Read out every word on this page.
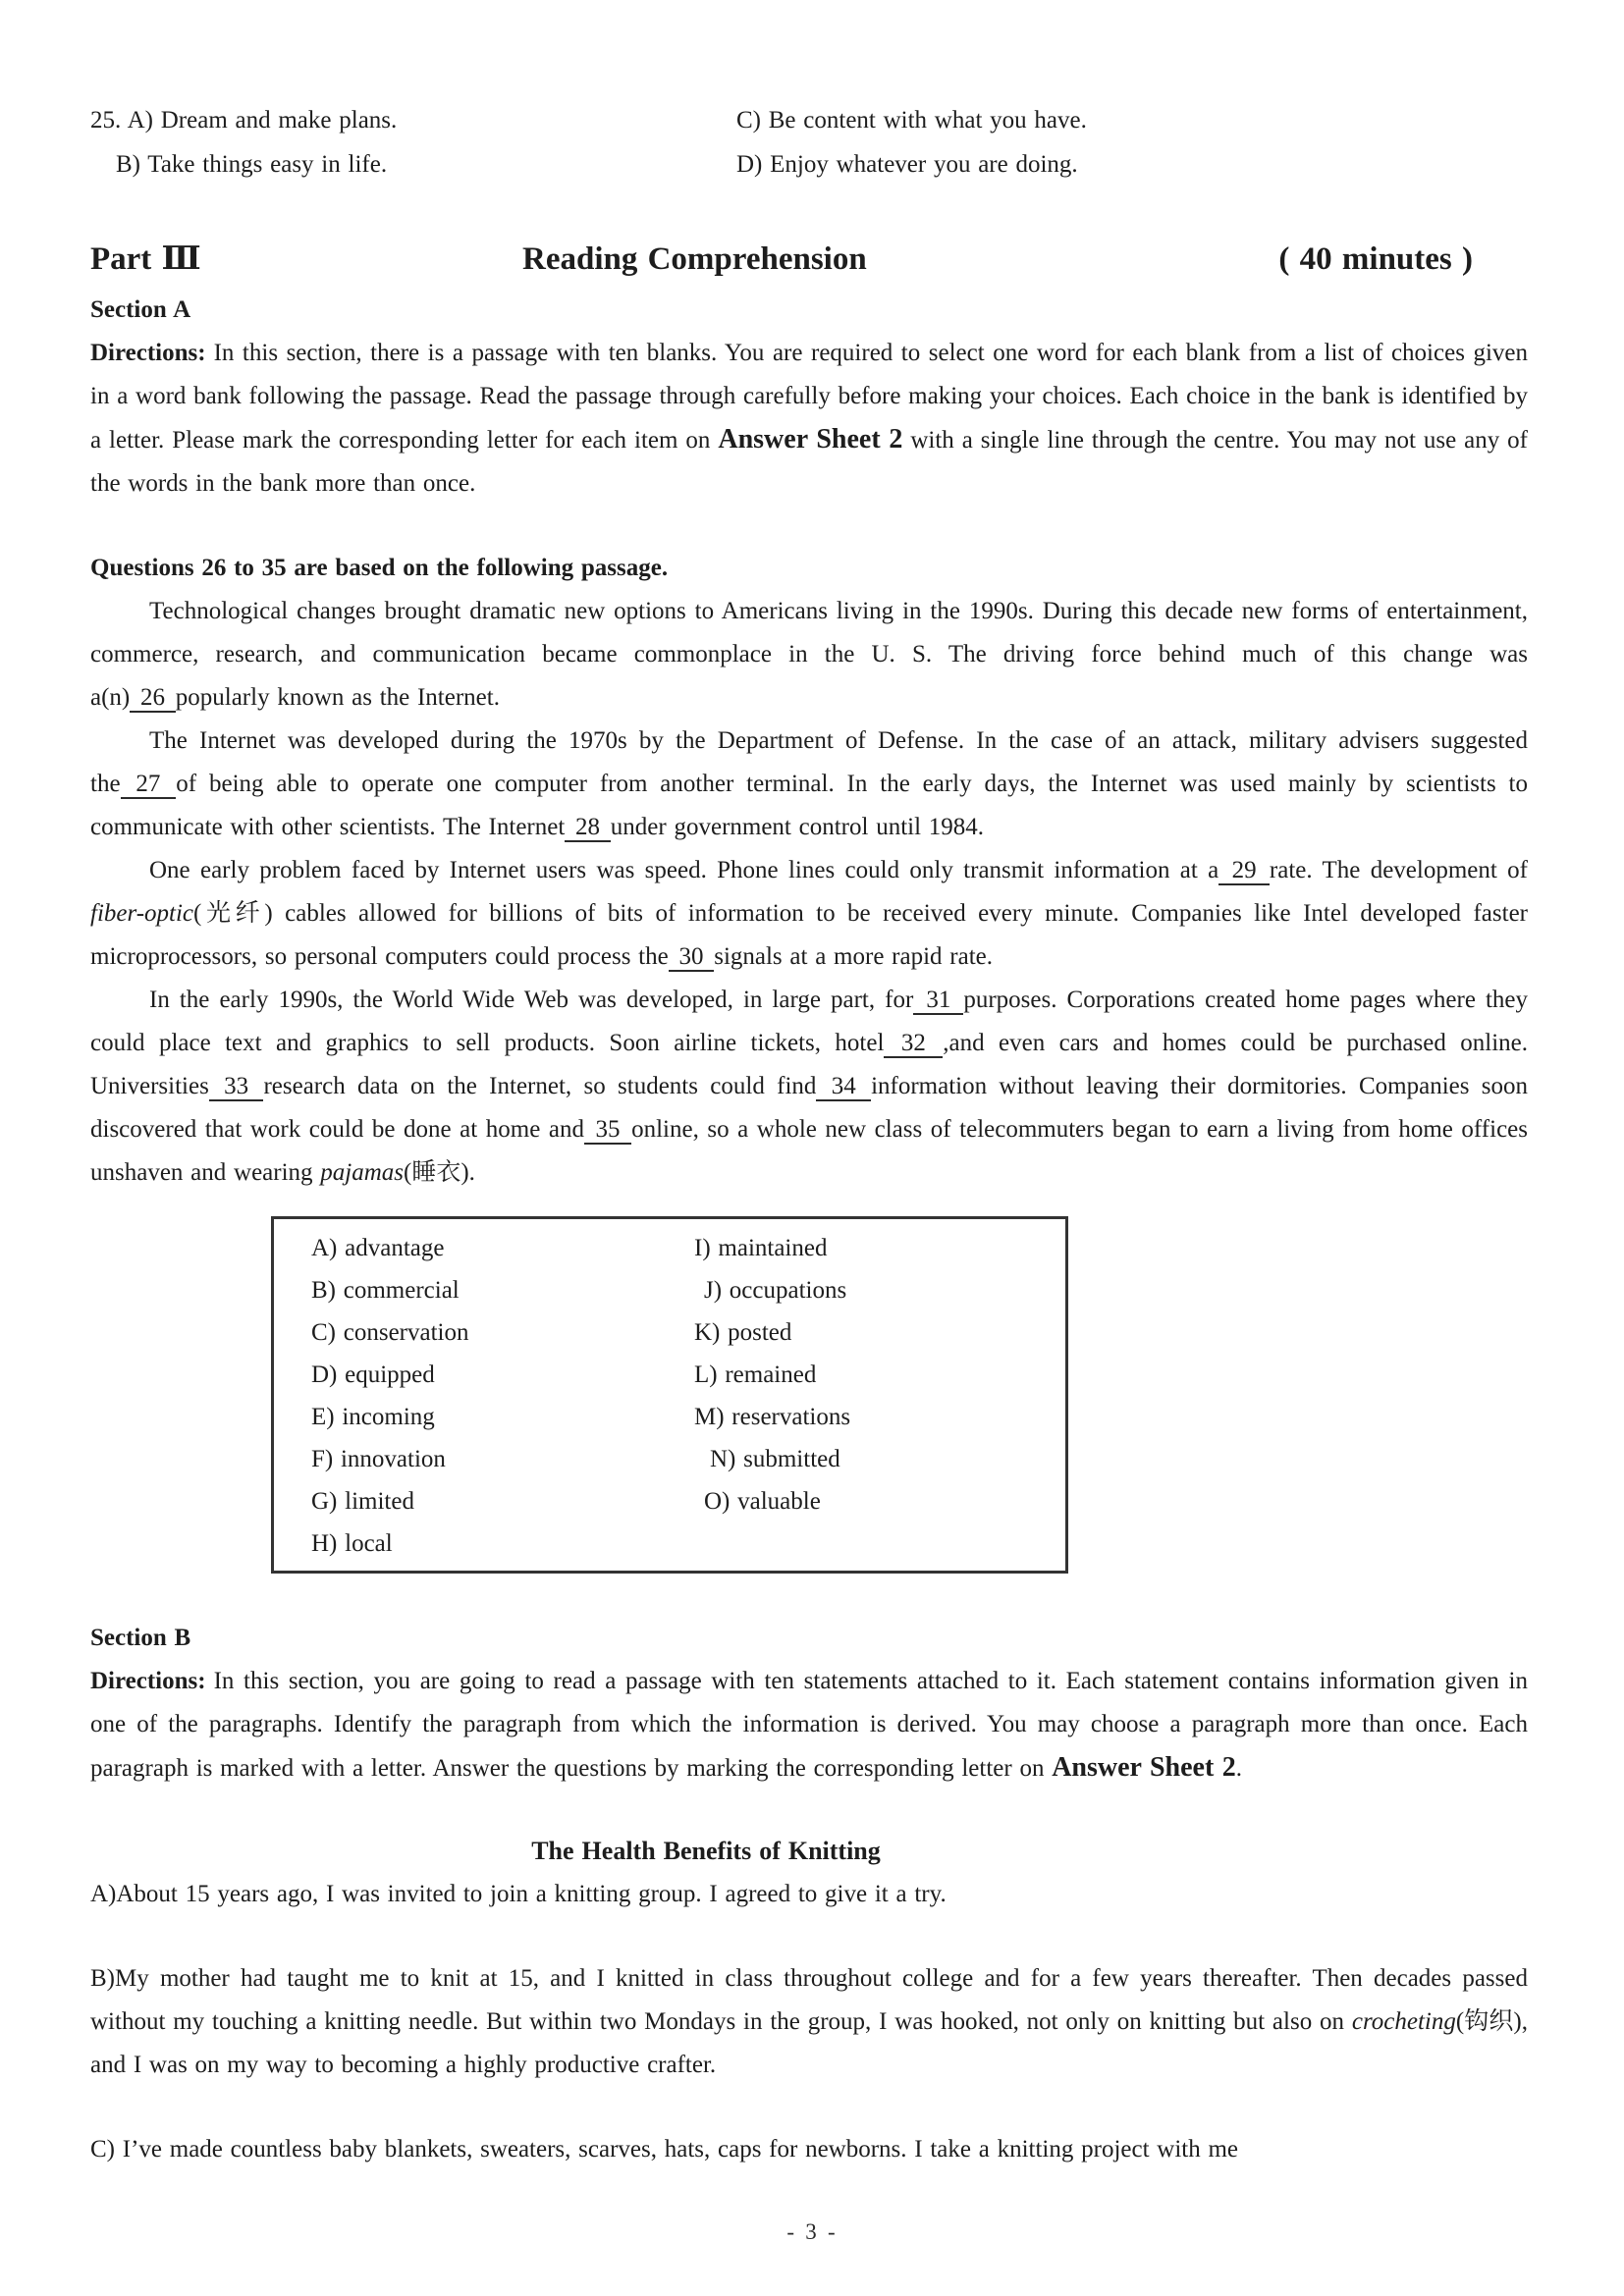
25. A) Dream and make plans.
B) Take things easy in life.
C) Be content with what you have.
D) Enjoy whatever you are doing.
Part Ⅲ	Reading Comprehension	( 40 minutes )
Section A

Directions: In this section, there is a passage with ten blanks. You are required to select one word for each blank from a list of choices given in a word bank following the passage. Read the passage through carefully before making your choices. Each choice in the bank is identified by a letter. Please mark the corresponding letter for each item on Answer Sheet 2 with a single line through the centre. You may not use any of the words in the bank more than once.

Questions 26 to 35 are based on the following passage.

Technological changes brought dramatic new options to Americans living in the 1990s. During this decade new forms of entertainment, commerce, research, and communication became commonplace in the U. S. The driving force behind much of this change was a(n) 26 popularly known as the Internet.

The Internet was developed during the 1970s by the Department of Defense. In the case of an attack, military advisers suggested the 27 of being able to operate one computer from another terminal. In the early days, the Internet was used mainly by scientists to communicate with other scientists. The Internet 28 under government control until 1984.

One early problem faced by Internet users was speed. Phone lines could only transmit information at a 29 rate. The development of fiber-optic(光纤) cables allowed for billions of bits of information to be received every minute. Companies like Intel developed faster microprocessors, so personal computers could process the 30 signals at a more rapid rate.

In the early 1990s, the World Wide Web was developed, in large part, for 31 purposes. Corporations created home pages where they could place text and graphics to sell products. Soon airline tickets, hotel 32 ,and even cars and homes could be purchased online. Universities 33 research data on the Internet, so students could find 34 information without leaving their dormitories. Companies soon discovered that work could be done at home and 35 online, so a whole new class of telecommuters began to earn a living from home offices unshaven and wearing pajamas(睡衣).

A) advantage	I) maintained
B) commercial	J) occupations
C) conservation	K) posted
D) equipped	L) remained
E) incoming	M) reservations
F) innovation	N) submitted
G) limited	O) valuable
H) local
Section B

Directions: In this section, you are going to read a passage with ten statements attached to it. Each statement contains information given in one of the paragraphs. Identify the paragraph from which the information is derived. You may choose a paragraph more than once. Each paragraph is marked with a letter. Answer the questions by marking the corresponding letter on Answer Sheet 2.

The Health Benefits of Knitting

A)About 15 years ago, I was invited to join a knitting group. I agreed to give it a try.

B)My mother had taught me to knit at 15, and I knitted in class throughout college and for a few years thereafter. Then decades passed without my touching a knitting needle. But within two Mondays in the group, I was hooked, not only on knitting but also on crocheting(钩织), and I was on my way to becoming a highly productive crafter.

C) I’ve made countless baby blankets, sweaters, scarves, hats, caps for newborns. I take a knitting project with me

- 3 -
